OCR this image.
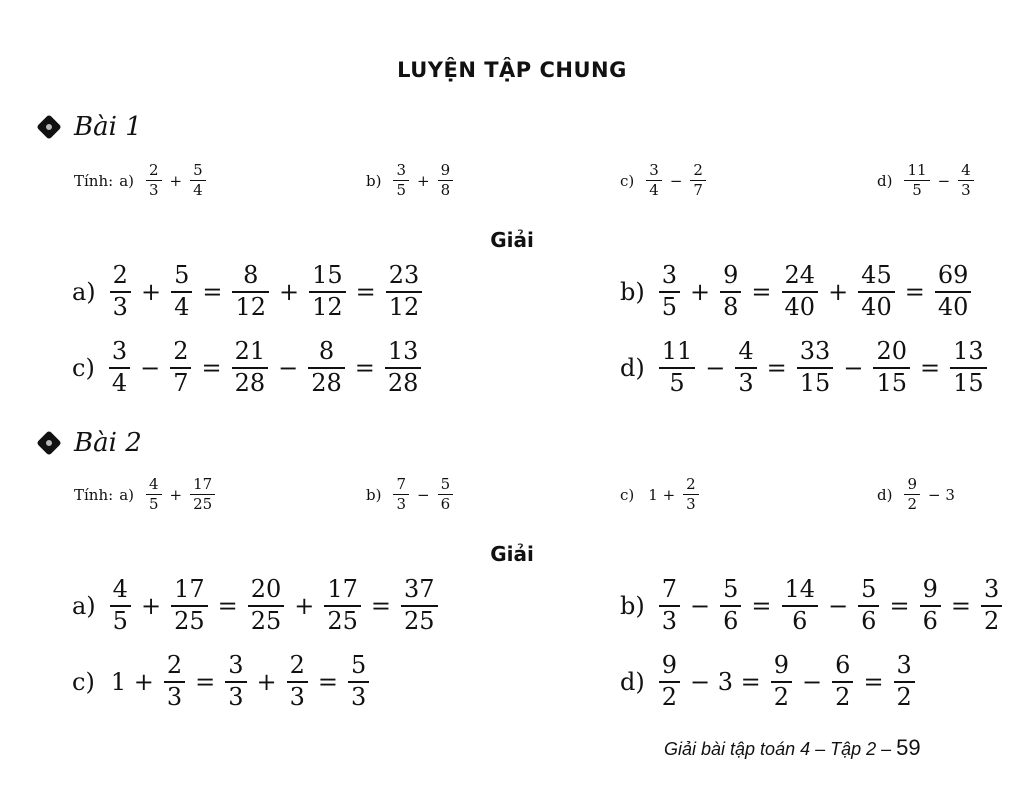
LUYỆN TẬP CHUNG
Bài 1
Tính: $a) \frac{2}{3} + \frac{5}{4}$	$b) \frac{3}{5} + \frac{9}{8}$	$c) \frac{3}{4} - \frac{2}{7}$	$d) \frac{11}{5} - \frac{4}{3}$
Giải
$a) \frac{2}{3} + \frac{5}{4} = \frac{8}{12} + \frac{15}{12} = \frac{23}{12}$	$b) \frac{3}{5} + \frac{9}{8} = \frac{24}{40} + \frac{45}{40} = \frac{69}{40}$
$c) \frac{3}{4} - \frac{2}{7} = \frac{21}{28} - \frac{8}{28} = \frac{13}{28}$	$d) \frac{11}{5} - \frac{4}{3} = \frac{33}{15} - \frac{20}{15} = \frac{13}{15}$
Bài 2
Tính: $a) \frac{4}{5} + \frac{17}{25}$	$b) \frac{7}{3} - \frac{5}{6}$	c) $1 + \frac{2}{3}$	$d) \frac{9}{2} - 3$
Giải
$a) \frac{4}{5} + \frac{17}{25} = \frac{20}{25} + \frac{17}{25} = \frac{37}{25}$	$b) \frac{7}{3} - \frac{5}{6} = \frac{14}{6} - \frac{5}{6} = \frac{9}{6} = \frac{3}{2}$
c) $1 + \frac{2}{3} = \frac{3}{3} + \frac{2}{3} = \frac{5}{3}$	$d) \frac{9}{2} - 3 = \frac{9}{2} - \frac{6}{2} = \frac{3}{2}$
Giải bài tập toán 4 – Tập 2 – 59
